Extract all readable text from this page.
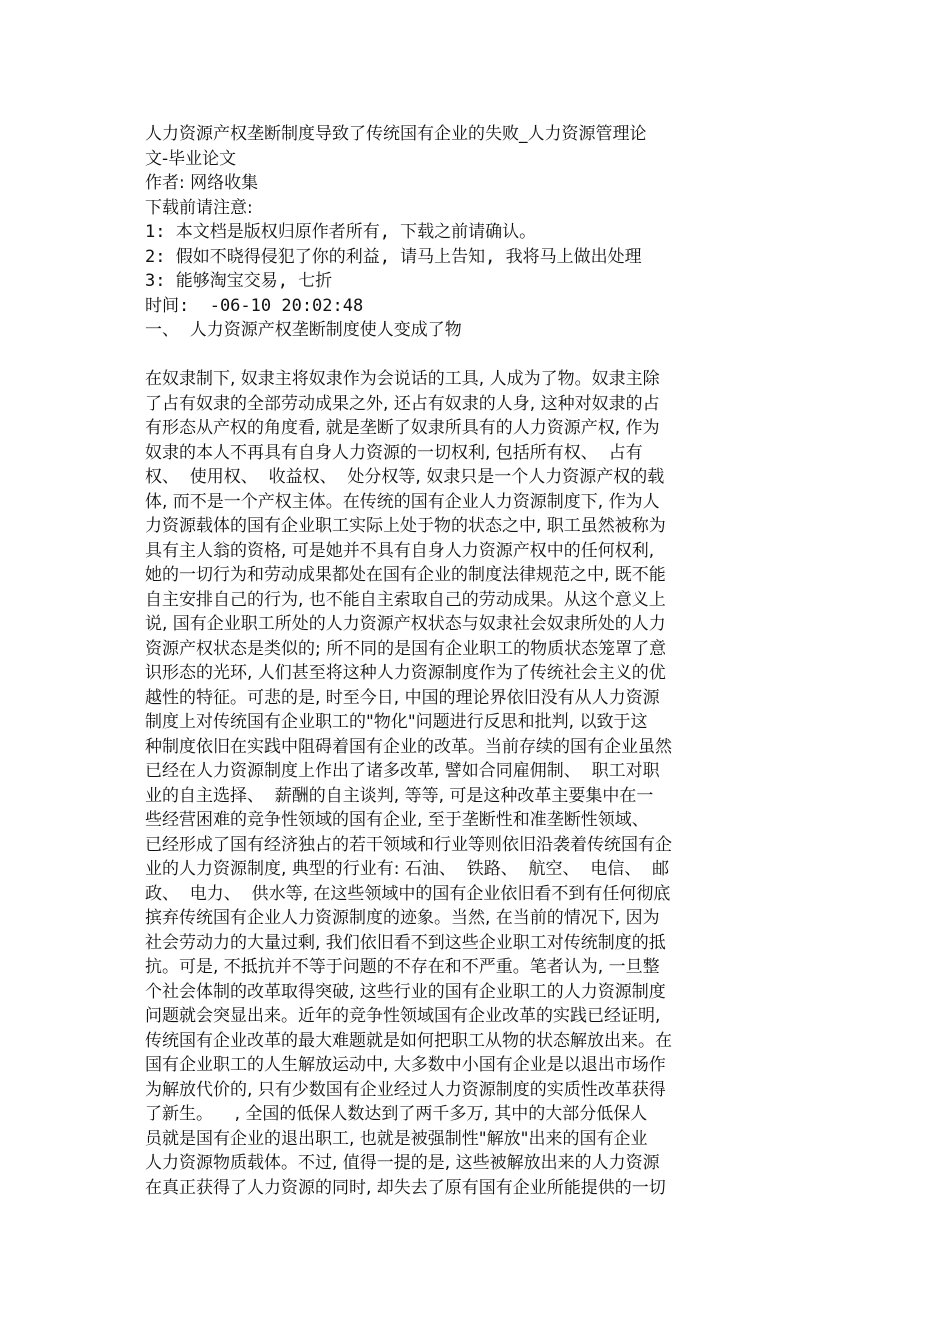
人力资源产权垄断制度导致了传统国有企业的失败_人力资源管理论
文-毕业论文
作者: 网络收集
下载前请注意:
1: 本文档是版权归原作者所有, 下载之前请确认。
2: 假如不晓得侵犯了你的利益, 请马上告知, 我将马上做出处理
3: 能够淘宝交易, 七折
时间:  -06-10 20:02:48
一、  人力资源产权垄断制度使人变成了物
在奴隶制下, 奴隶主将奴隶作为会说话的工具, 人成为了物。奴隶主除
了占有奴隶的全部劳动成果之外, 还占有奴隶的人身, 这种对奴隶的占
有形态从产权的角度看, 就是垄断了奴隶所具有的人力资源产权, 作为
奴隶的本人不再具有自身人力资源的一切权利, 包括所有权、  占有
权、  使用权、  收益权、  处分权等, 奴隶只是一个人力资源产权的载
体, 而不是一个产权主体。在传统的国有企业人力资源制度下, 作为人
力资源载体的国有企业职工实际上处于物的状态之中, 职工虽然被称为
具有主人翁的资格, 可是她并不具有自身人力资源产权中的任何权利,
她的一切行为和劳动成果都处在国有企业的制度法律规范之中, 既不能
自主安排自己的行为, 也不能自主索取自己的劳动成果。从这个意义上
说, 国有企业职工所处的人力资源产权状态与奴隶社会奴隶所处的人力
资源产权状态是类似的; 所不同的是国有企业职工的物质状态笼罩了意
识形态的光环, 人们甚至将这种人力资源制度作为了传统社会主义的优
越性的特征。可悲的是, 时至今日, 中国的理论界依旧没有从人力资源
制度上对传统国有企业职工的"物化"问题进行反思和批判, 以致于这
种制度依旧在实践中阻碍着国有企业的改革。当前存续的国有企业虽然
已经在人力资源制度上作出了诸多改革, 譬如合同雇佣制、  职工对职
业的自主选择、  薪酬的自主谈判, 等等, 可是这种改革主要集中在一
些经营困难的竞争性领域的国有企业, 至于垄断性和准垄断性领域、
已经形成了国有经济独占的若干领域和行业等则依旧沿袭着传统国有企
业的人力资源制度, 典型的行业有: 石油、  铁路、  航空、  电信、  邮
政、  电力、  供水等, 在这些领域中的国有企业依旧看不到有任何彻底
摈弃传统国有企业人力资源制度的迹象。当然, 在当前的情况下, 因为
社会劳动力的大量过剩, 我们依旧看不到这些企业职工对传统制度的抵
抗。可是, 不抵抗并不等于问题的不存在和不严重。笔者认为, 一旦整
个社会体制的改革取得突破, 这些行业的国有企业职工的人力资源制度
问题就会突显出来。近年的竞争性领域国有企业改革的实践已经证明,
传统国有企业改革的最大难题就是如何把职工从物的状态解放出来。在
国有企业职工的人生解放运动中, 大多数中小国有企业是以退出市场作
为解放代价的, 只有少数国有企业经过人力资源制度的实质性改革获得
了新生。    , 全国的低保人数达到了两千多万, 其中的大部分低保人
员就是国有企业的退出职工, 也就是被强制性"解放"出来的国有企业
人力资源物质载体。不过, 值得一提的是, 这些被解放出来的人力资源
在真正获得了人力资源的同时, 却失去了原有国有企业所能提供的一切
